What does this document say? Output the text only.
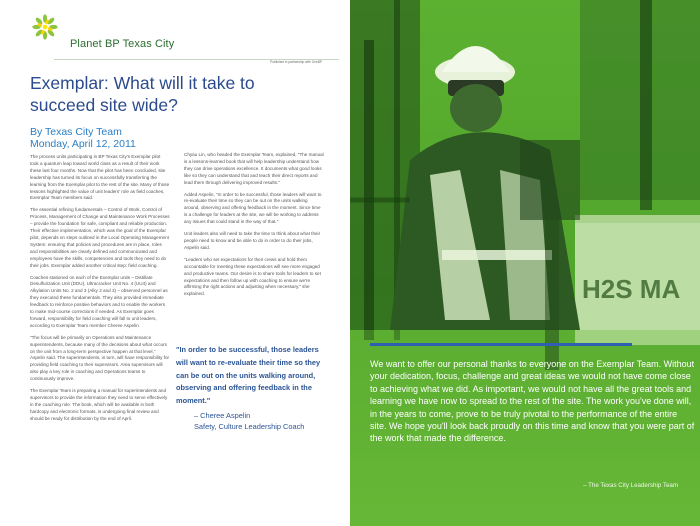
Planet BP Texas City
Published in partnership with OneBP
Exemplar: What will it take to succeed site wide?
By Texas City Team
Monday, April 12, 2011

The process units participating in BP Texas City's Exemplar pilot took a quantum leap toward world class as a result of their work these last four months. Now that the pilot has been concluded, site leadership has turned its focus on successfully transferring the learning from the Exemplar pilot to the rest of the site. Many of those lessons highlighted the value of unit leaders' role as field coaches, Exemplar Team members said.

The essential refining fundamentals – Control of Work, Control of Process, Management of Change and Maintenance Work Processes – provide the foundation for safe, compliant and reliable production. Their effective implementation, which was the goal of the Exemplar pilot, depends on steps outlined in the Local Operating Management System: ensuring that policies and procedures are in place, roles and responsibilities are clearly defined and communicated and employees have the skills, competencies and tools they need to do their jobs. Exemplar added another critical step: field coaching.

Coaches stationed on each of the Exemplar units – Distillate Desulfurization Unit (DDU), Ultracracker Unit No. 4 (UU4) and Alkylation Units No. 2 and 3 (Alky 2 and 3) – observed personnel as they executed these fundamentals. They also provided immediate feedback to reinforce positive behaviors and to enable the workers to make mid-course corrections if needed. As Exemplar goes forward, responsibility for field coaching will fall to unit leaders, according to Exemplar Team member Cheree Aspelin.

"The focus will be primarily on Operations and Maintenance superintendents, because many of the decisions about what occurs on the unit from a long-term perspective happen at that level," Aspelin said. The superintendents, in turn, will have responsibility for providing field coaching to their supervisors. Area supervisors will also play a key role in coaching and Operations teams to continuously improve.

The Exemplar Team is preparing a manual for superintendents and supervisors to provide the information they need to serve effectively in the coaching role. The book, which will be available in both hardcopy and electronic formats, is undergoing final review and should be ready for distribution by the end of April.

Chyau Lin, who headed the Exemplar Team, explained, "The manual is a lessons-learned book that will help leadership understand how they can drive operations excellence. It documents what good looks like so they can understand that and teach their direct reports and lead them through delivering improved results."

Added Aspelin, "In order to be successful, those leaders will want to re-evaluate their time so they can be out on the units walking around, observing and offering feedback in the moment. Since time is a challenge for leaders at the site, we will be working to address any issues that could stand in the way of that."

Unit leaders also will need to take the time to think about what their people need to know and be able to do in order to do their jobs, Aspelin said.

"Leaders who set expectations for their crews and hold them accountable for meeting these expectations will see more engaged and productive teams. Our desire is to share tools for leaders to set expectations and then follow up with coaching to ensure we're affirming the right actions and adjusting when necessary," she explained.

"In order to be successful, those leaders will want to re-evaluate their time so they can be out on the units walking around, observing and offering feedback in the moment."
– Cheree Aspelin
Safety, Culture Leadership Coach
H2S MA

We want to offer our personal thanks to everyone on the Exemplar Team. Without your dedication, focus, challenge and great ideas we would not have come close to achieving what we did. As important, we would not have all the great tools and learning we have now to spread to the rest of the site. The work you've done will, in the years to come, prove to be truly pivotal to the performance of the entire site. We hope you'll look back proudly on this time and know that you were part of the work that made the difference.

– The Texas City Leadership Team
